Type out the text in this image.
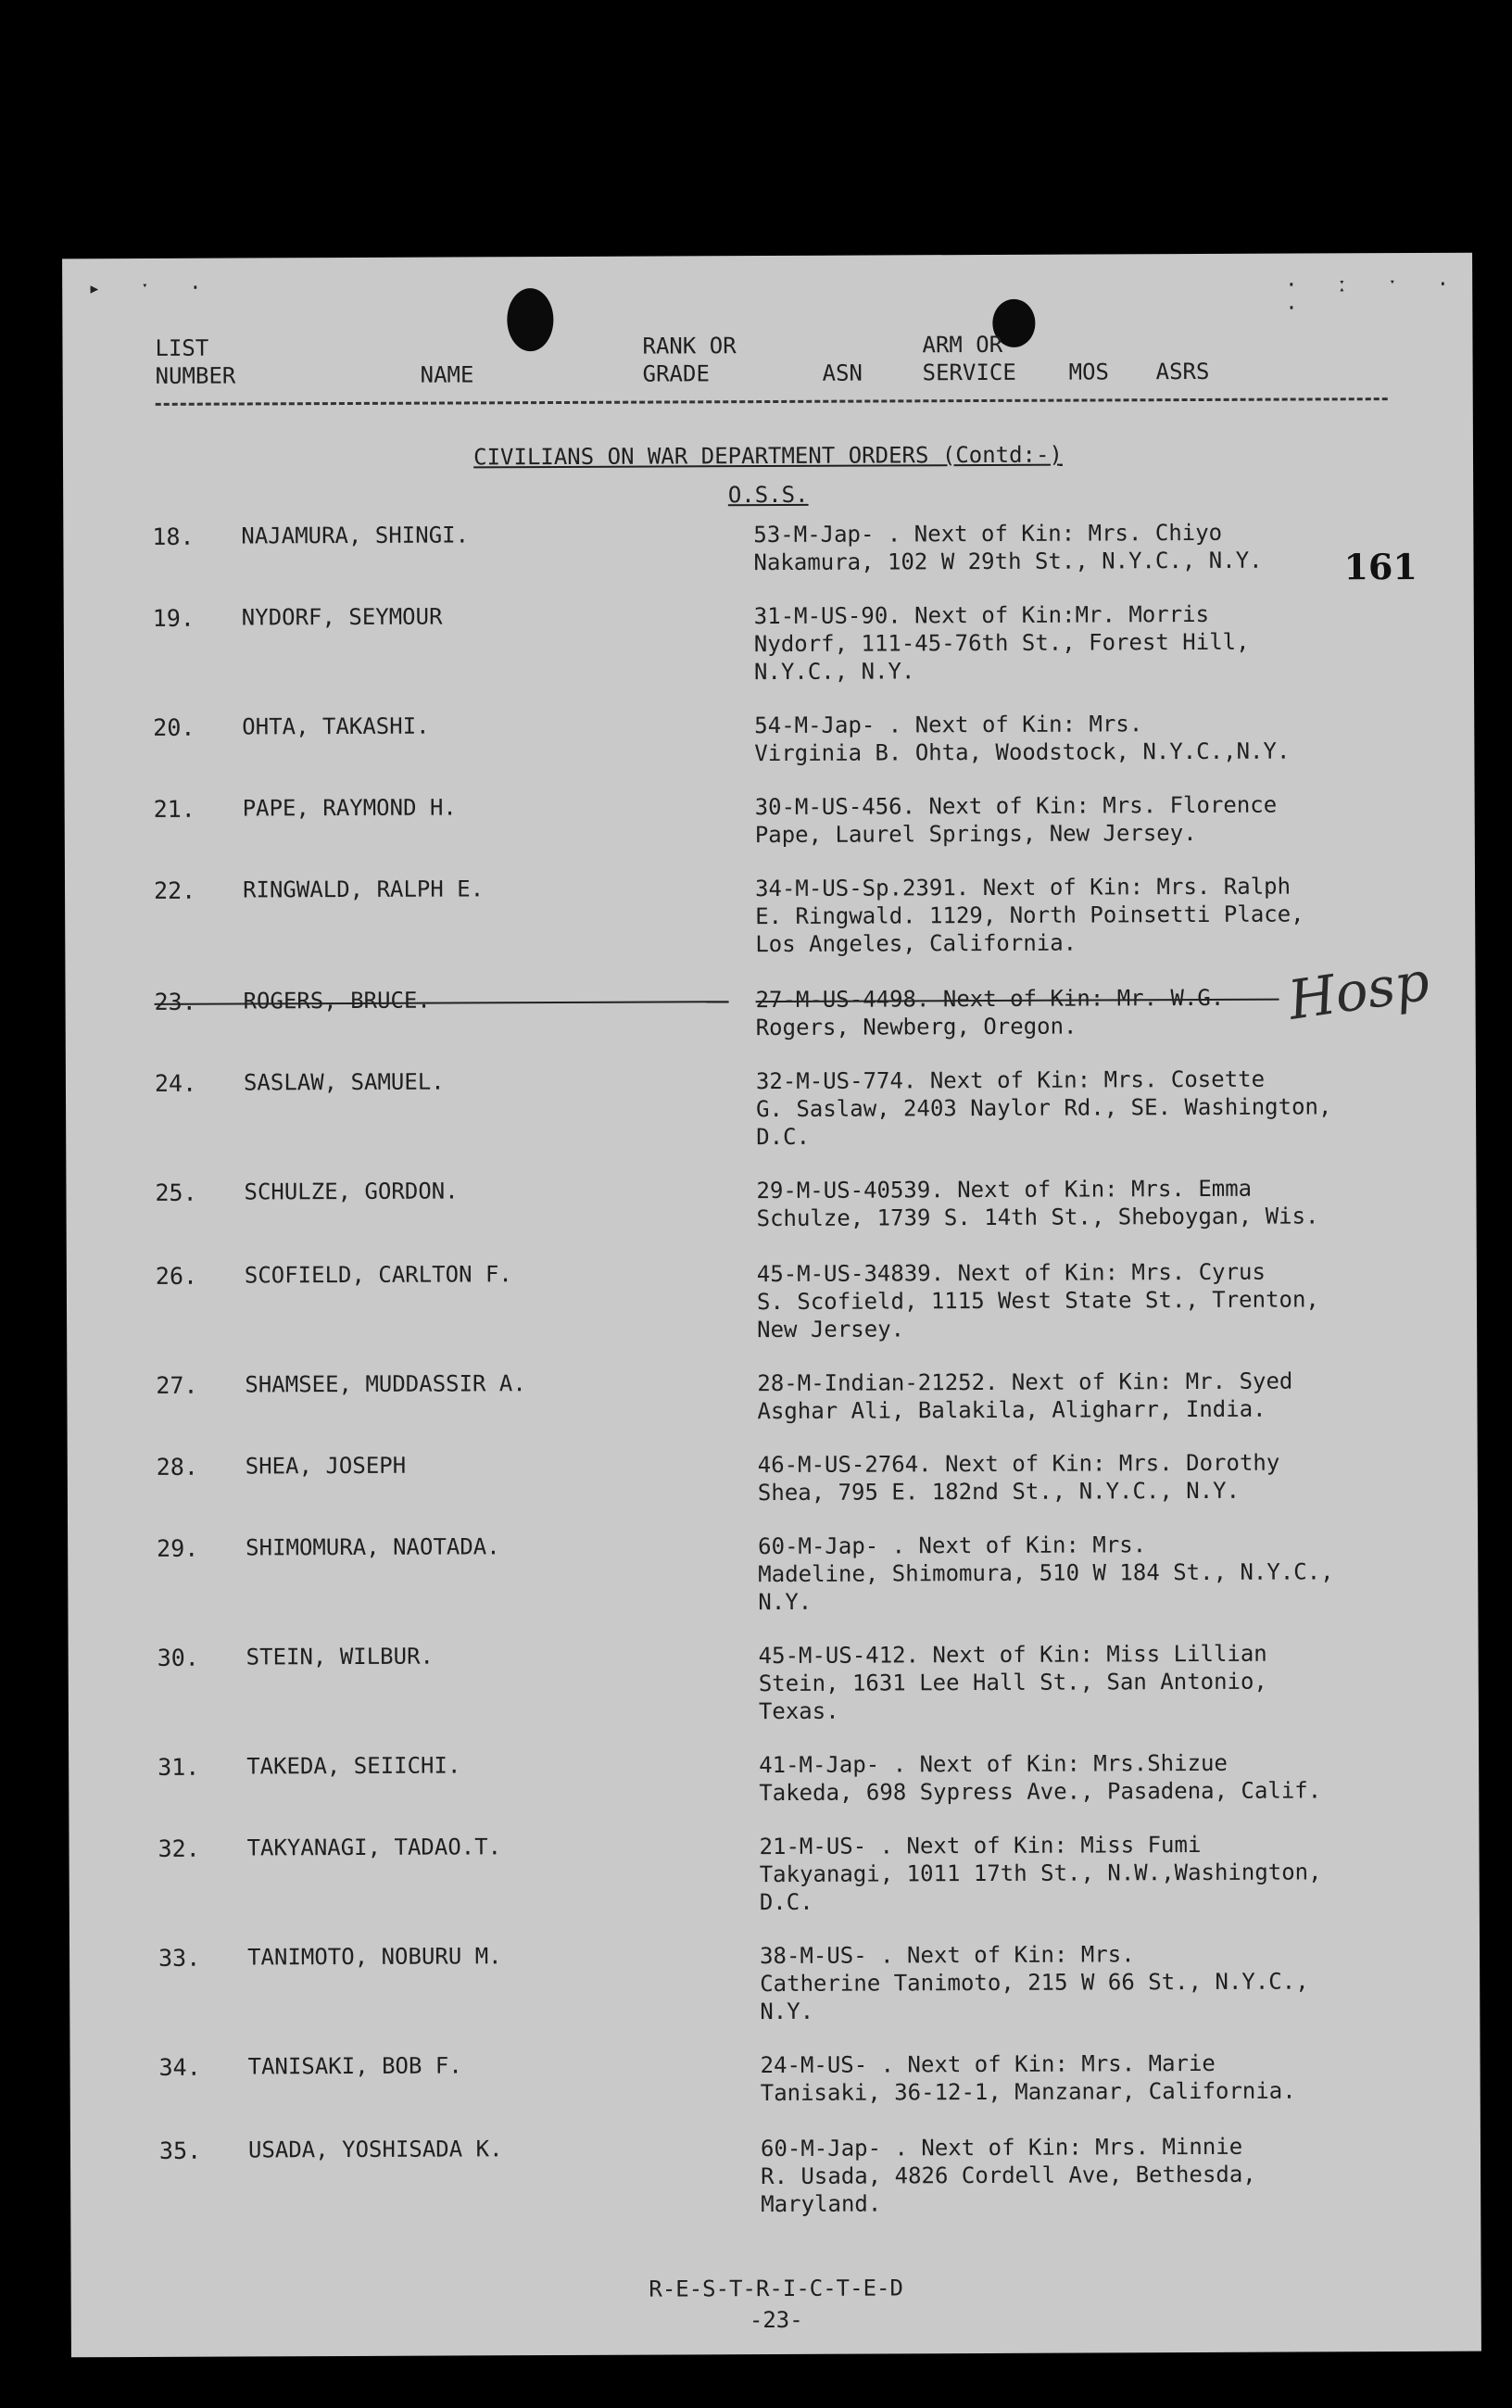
▸ ˑ ·	· ː ˑ · ·
LIST
NUMBER	NAME
RANK OR
GRADE	ASN
ARM OR
SERVICE MOS ASRS
CIVILIANS ON WAR DEPARTMENT ORDERS (Contd:-)
O.S.S.
161
18. NAJAMURA, SHINGI.	53-M-Jap- . Next of Kin: Mrs. Chiyo
Nakamura, 102 W 29th St., N.Y.C., N.Y.
19. NYDORF, SEYMOUR	31-M-US-90. Next of Kin:Mr. Morris
Nydorf, 111-45-76th St., Forest Hill,
N.Y.C., N.Y.
20. OHTA, TAKASHI.	54-M-Jap- . Next of Kin: Mrs.
Virginia B. Ohta, Woodstock, N.Y.C.,N.Y.
21. PAPE, RAYMOND H.	30-M-US-456. Next of Kin: Mrs. Florence
Pape, Laurel Springs, New Jersey.
22. RINGWALD, RALPH E.	34-M-US-Sp.2391. Next of Kin: Mrs. Ralph
E. Ringwald. 1129, North Poinsetti Place,
Los Angeles, California.
23. ROGERS, BRUCE.	27-M-US-4498. Next of Kin: Mr. W.G.
Rogers, Newberg, Oregon.	Hosp
24. SASLAW, SAMUEL.	32-M-US-774. Next of Kin: Mrs. Cosette
G. Saslaw, 2403 Naylor Rd., SE. Washington,
D.C.
25. SCHULZE, GORDON.	29-M-US-40539. Next of Kin: Mrs. Emma
Schulze, 1739 S. 14th St., Sheboygan, Wis.
26. SCOFIELD, CARLTON F.	45-M-US-34839. Next of Kin: Mrs. Cyrus
S. Scofield, 1115 West State St., Trenton,
New Jersey.
27. SHAMSEE, MUDDASSIR A.	28-M-Indian-21252. Next of Kin: Mr. Syed
Asghar Ali, Balakila, Aligharr, India.
28. SHEA, JOSEPH	46-M-US-2764. Next of Kin: Mrs. Dorothy
Shea, 795 E. 182nd St., N.Y.C., N.Y.
29. SHIMOMURA, NAOTADA.	60-M-Jap- . Next of Kin: Mrs.
Madeline, Shimomura, 510 W 184 St., N.Y.C.,
N.Y.
30. STEIN, WILBUR.	45-M-US-412. Next of Kin: Miss Lillian
Stein, 1631 Lee Hall St., San Antonio,
Texas.
31. TAKEDA, SEIICHI.	41-M-Jap- . Next of Kin: Mrs.Shizue
Takeda, 698 Sypress Ave., Pasadena, Calif.
32. TAKYANAGI, TADAO.T.	21-M-US- . Next of Kin: Miss Fumi
Takyanagi, 1011 17th St., N.W.,Washington,
D.C.
33. TANIMOTO, NOBURU M.	38-M-US- . Next of Kin: Mrs.
Catherine Tanimoto, 215 W 66 St., N.Y.C.,
N.Y.
34. TANISAKI, BOB F.	24-M-US- . Next of Kin: Mrs. Marie
Tanisaki, 36-12-1, Manzanar, California.
35. USADA, YOSHISADA K.	60-M-Jap- . Next of Kin: Mrs. Minnie
R. Usada, 4826 Cordell Ave, Bethesda,
Maryland.
R-E-S-T-R-I-C-T-E-D
-23-
